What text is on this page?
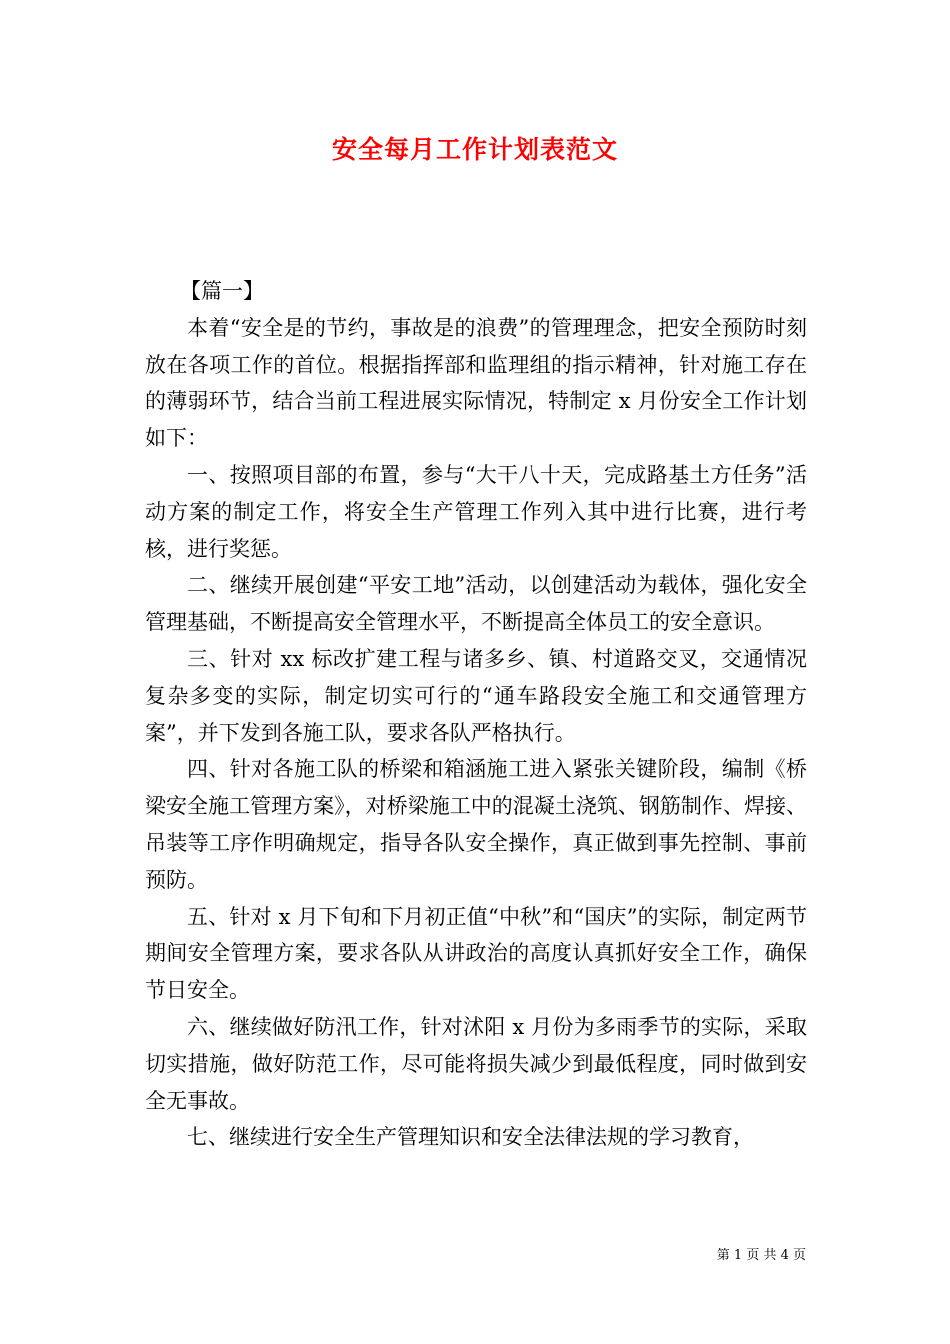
安全每月工作计划表范文

【篇一】

本着“安全是的节约，事故是的浪费”的管理理念，把安全预防时刻放在各项工作的首位。根据指挥部和监理组的指示精神，针对施工存在的薄弱环节，结合当前工程进展实际情况，特制定 x 月份安全工作计划如下：

一、按照项目部的布置，参与“大干八十天，完成路基土方任务”活动方案的制定工作，将安全生产管理工作列入其中进行比赛，进行考核，进行奖惩。

二、继续开展创建“平安工地”活动，以创建活动为载体，强化安全管理基础，不断提高安全管理水平，不断提高全体员工的安全意识。

三、针对 xx 标改扩建工程与诸多乡、镇、村道路交叉，交通情况复杂多变的实际，制定切实可行的“通车路段安全施工和交通管理方案”，并下发到各施工队，要求各队严格执行。

四、针对各施工队的桥梁和箱涵施工进入紧张关键阶段，编制《桥梁安全施工管理方案》，对桥梁施工中的混凝土浇筑、钢筋制作、焊接、吊装等工序作明确规定，指导各队安全操作，真正做到事先控制、事前预防。

五、针对 x 月下旬和下月初正值“中秋”和“国庆”的实际，制定两节期间安全管理方案，要求各队从讲政治的高度认真抓好安全工作，确保节日安全。

六、继续做好防汛工作，针对沭阳 x 月份为多雨季节的实际，采取切实措施，做好防范工作，尽可能将损失减少到最低程度，同时做到安全无事故。

七、继续进行安全生产管理知识和安全法律法规的学习教育，

第 1 页 共 4 页
